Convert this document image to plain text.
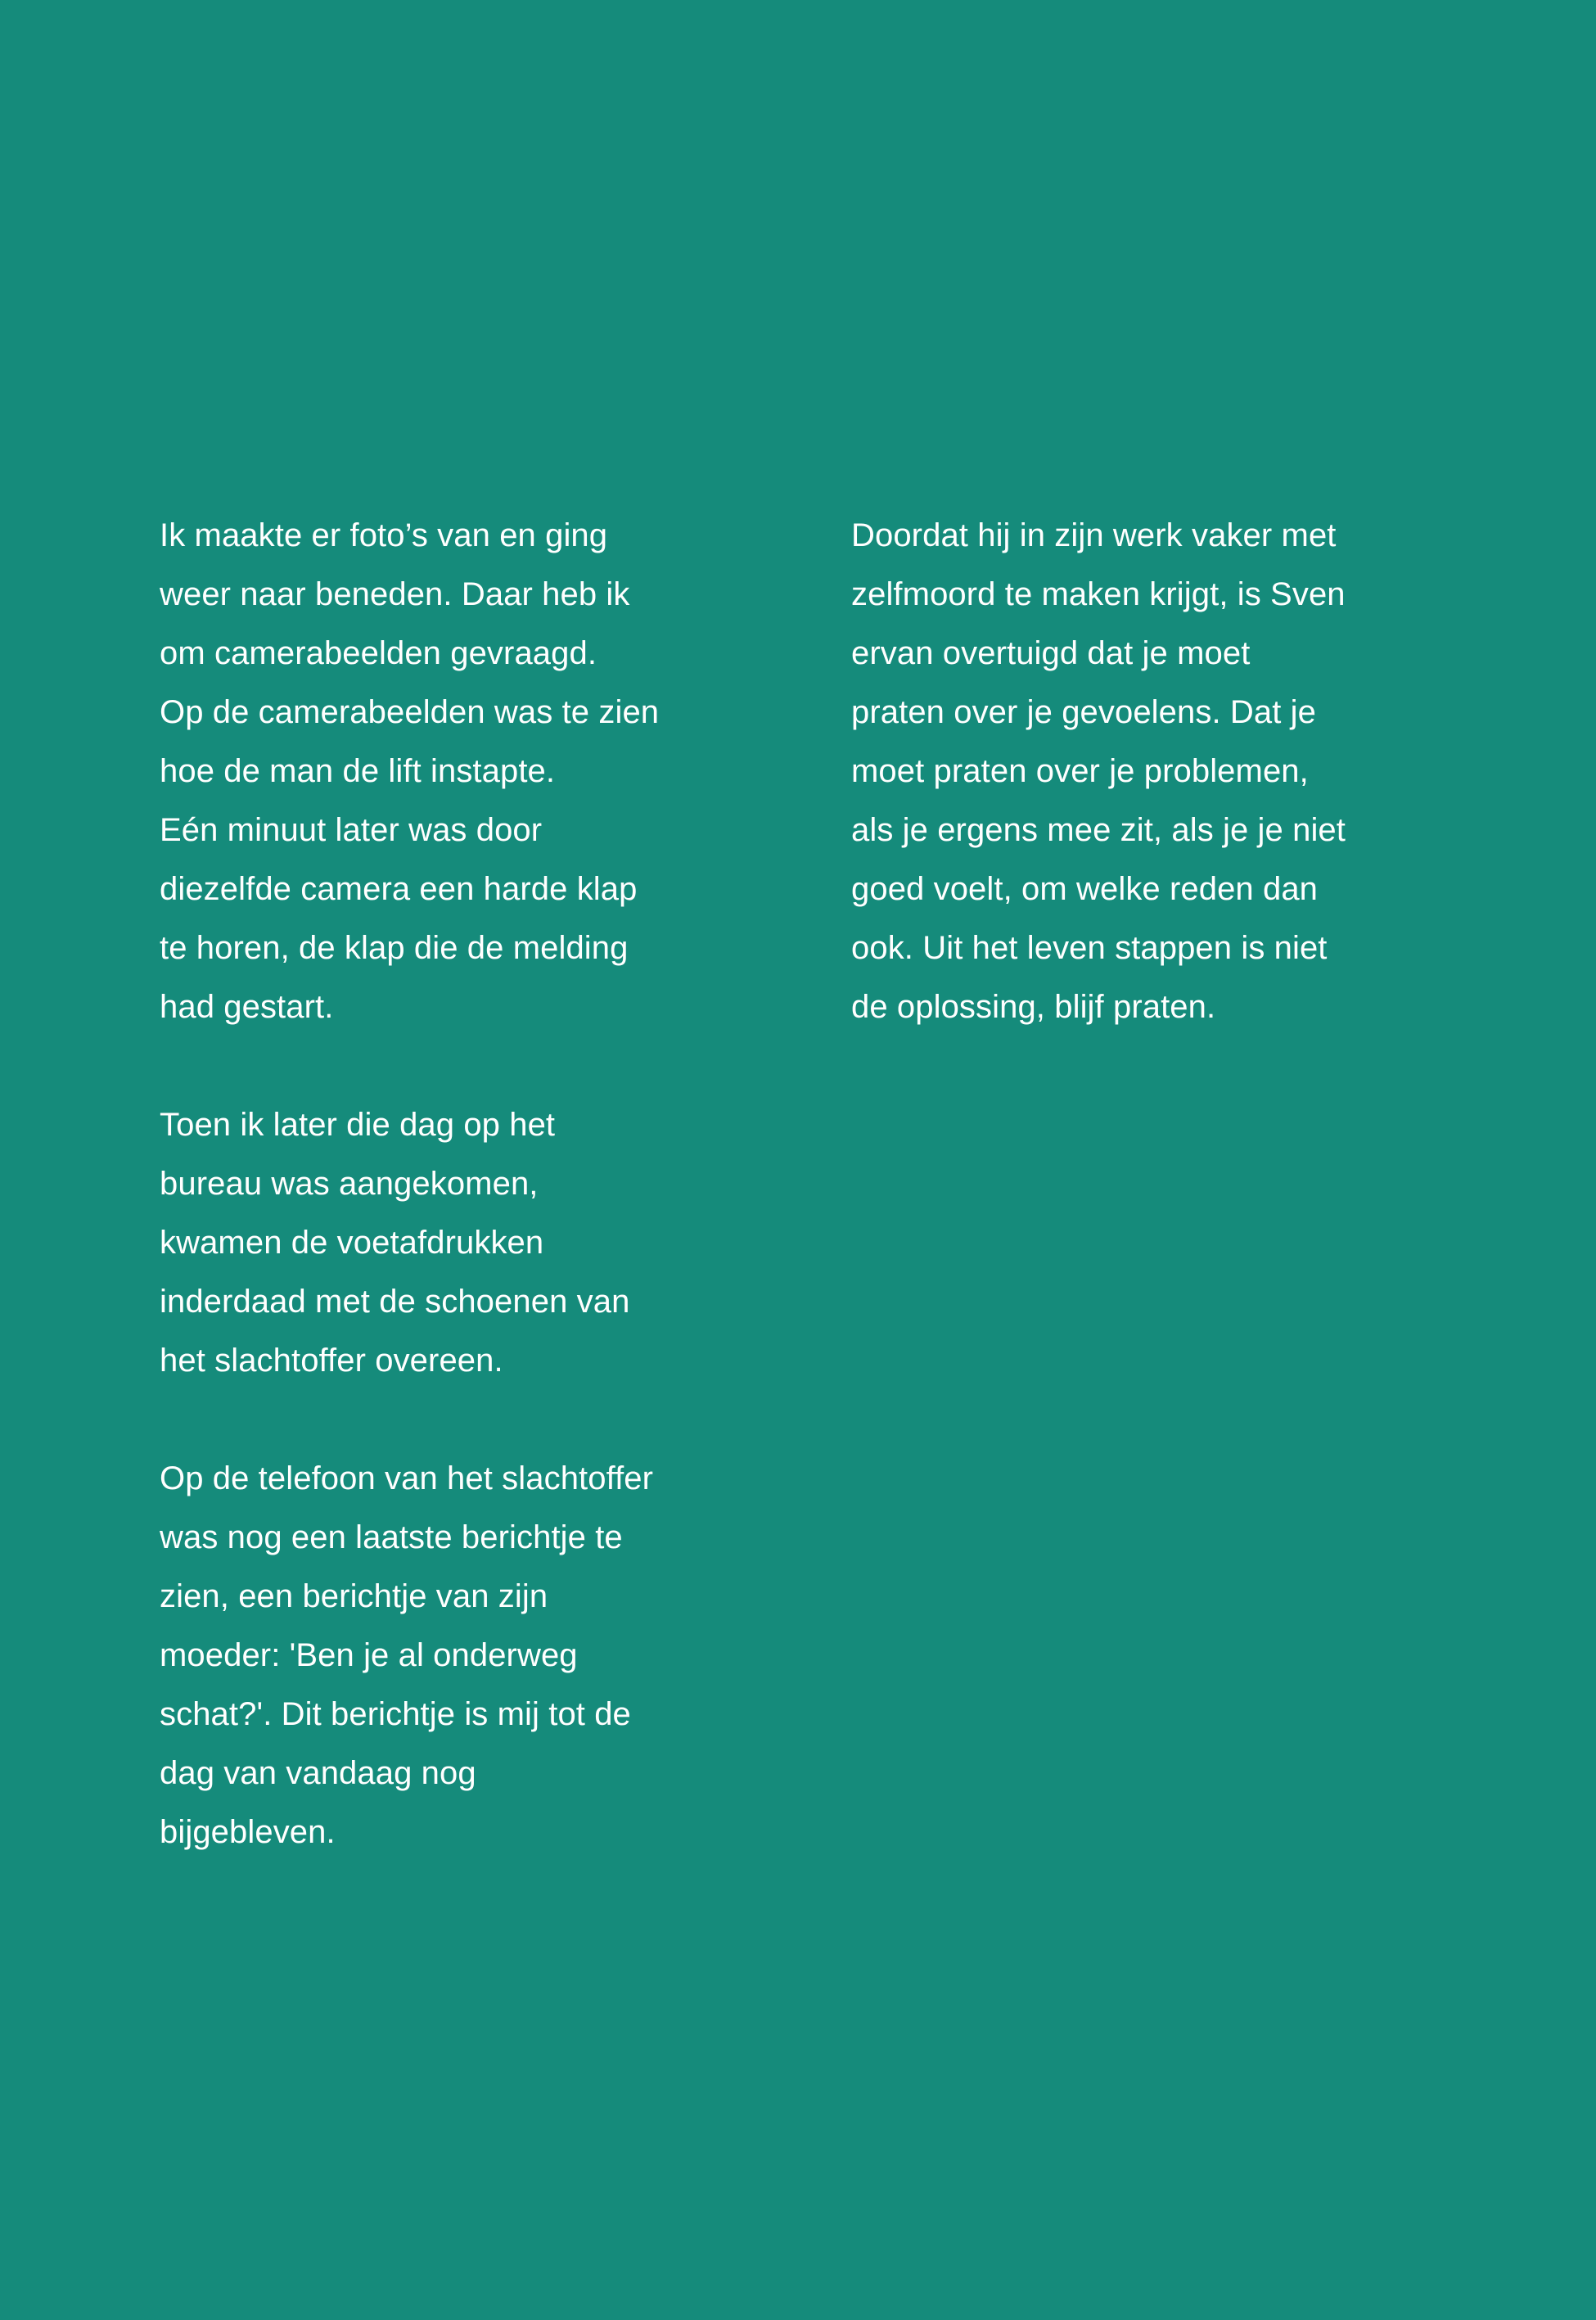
Ik maakte er foto’s van en ging
weer naar beneden. Daar heb ik
om camerabeelden gevraagd.
Op de camerabeelden was te zien
hoe de man de lift instapte.
Eén minuut later was door
diezelfde camera een harde klap
te horen, de klap die de melding
had gestart.

Toen ik later die dag op het
bureau was aangekomen,
kwamen de voetafdrukken
inderdaad met de schoenen van
het slachtoffer overeen.

Op de telefoon van het slachtoffer
was nog een laatste berichtje te
zien, een berichtje van zijn
moeder: 'Ben je al onderweg
schat?'. Dit berichtje is mij tot de
dag van vandaag nog
bijgebleven.

Doordat hij in zijn werk vaker met
zelfmoord te maken krijgt, is Sven
ervan overtuigd dat je moet
praten over je gevoelens. Dat je
moet praten over je problemen,
als je ergens mee zit, als je je niet
goed voelt, om welke reden dan
ook. Uit het leven stappen is niet
de oplossing, blijf praten.
